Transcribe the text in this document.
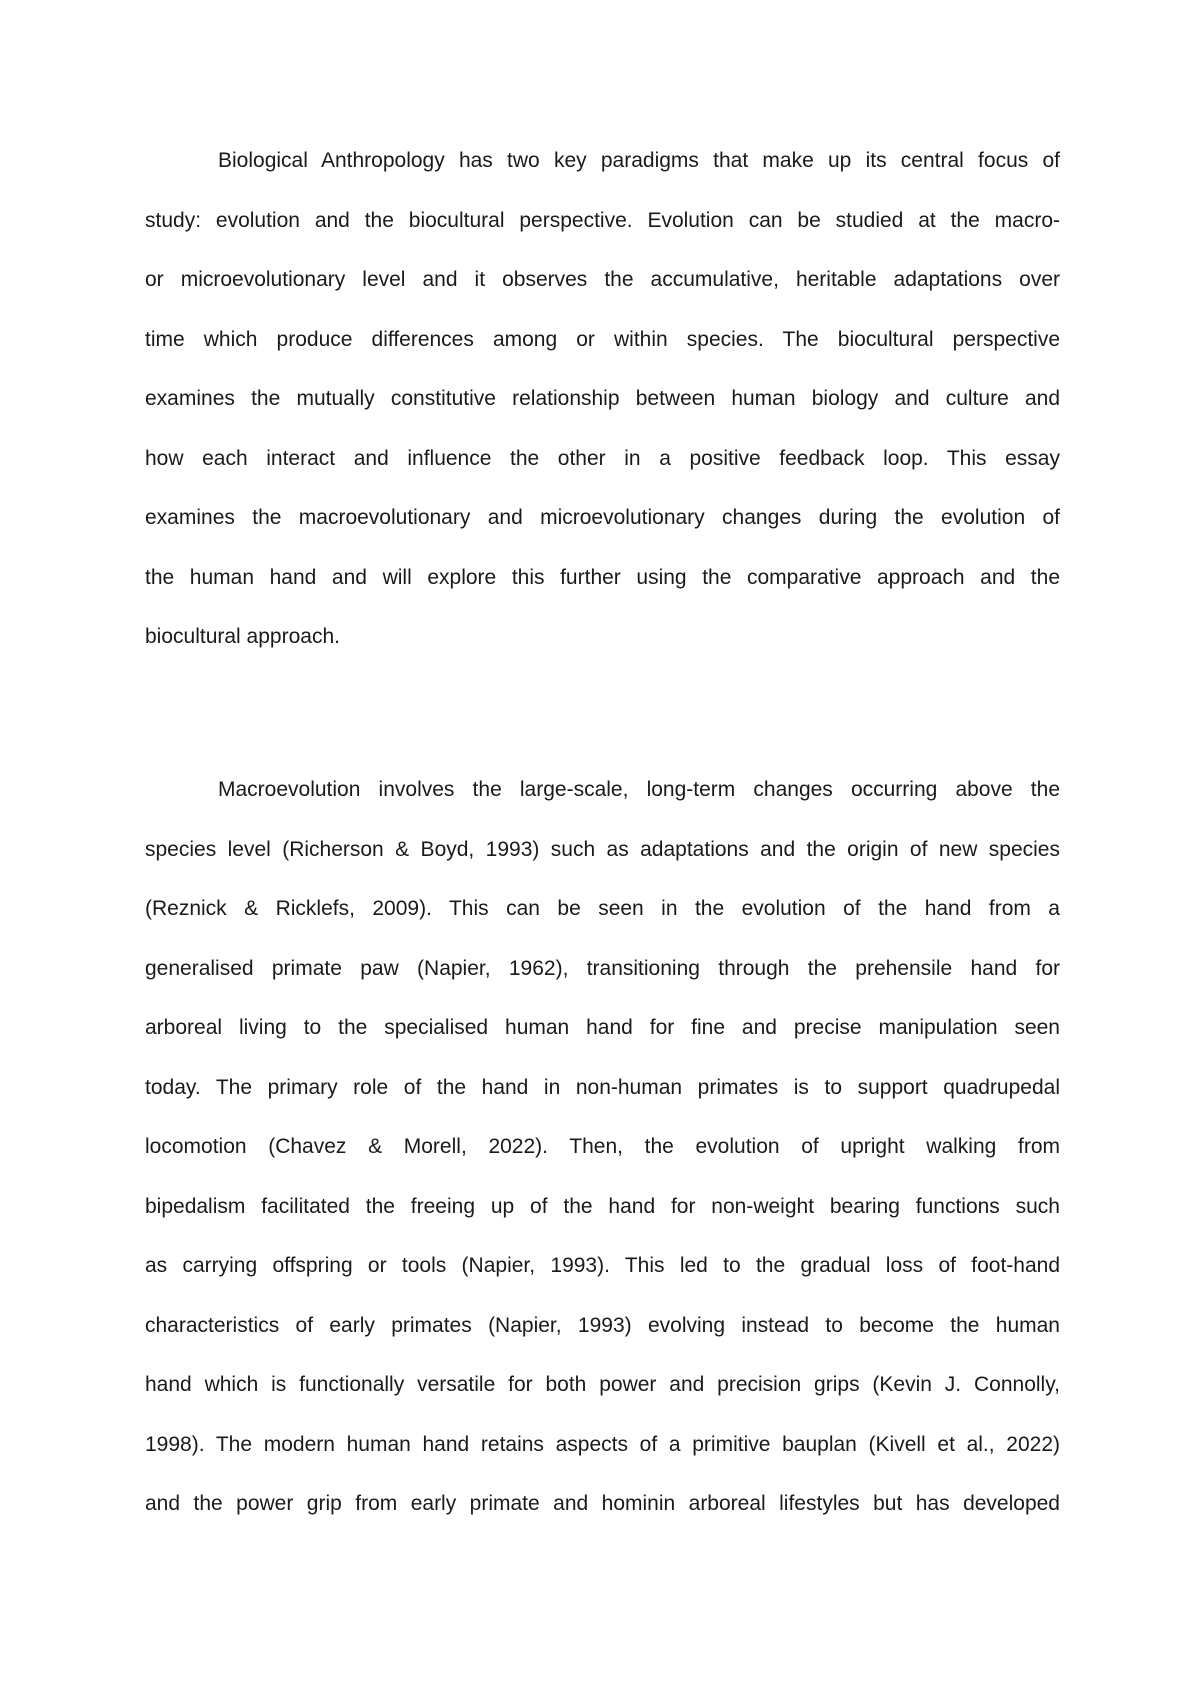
Biological Anthropology has two key paradigms that make up its central focus of
study: evolution and the biocultural perspective. Evolution can be studied at the macro-
or microevolutionary level and it observes the accumulative, heritable adaptations over
time which produce differences among or within species. The biocultural perspective
examines the mutually constitutive relationship between human biology and culture and
how each interact and influence the other in a positive feedback loop. This essay
examines the macroevolutionary and microevolutionary changes during the evolution of
the human hand and will explore this further using the comparative approach and the
biocultural approach.
Macroevolution involves the large-scale, long-term changes occurring above the
species level (Richerson & Boyd, 1993) such as adaptations and the origin of new species
(Reznick & Ricklefs, 2009). This can be seen in the evolution of the hand from a
generalised primate paw (Napier, 1962), transitioning through the prehensile hand for
arboreal living to the specialised human hand for fine and precise manipulation seen
today. The primary role of the hand in non-human primates is to support quadrupedal
locomotion (Chavez & Morell, 2022). Then, the evolution of upright walking from
bipedalism facilitated the freeing up of the hand for non-weight bearing functions such
as carrying offspring or tools (Napier, 1993). This led to the gradual loss of foot-hand
characteristics of early primates (Napier, 1993) evolving instead to become the human
hand which is functionally versatile for both power and precision grips (Kevin J. Connolly,
1998). The modern human hand retains aspects of a primitive bauplan (Kivell et al., 2022)
and the power grip from early primate and hominin arboreal lifestyles but has developed
